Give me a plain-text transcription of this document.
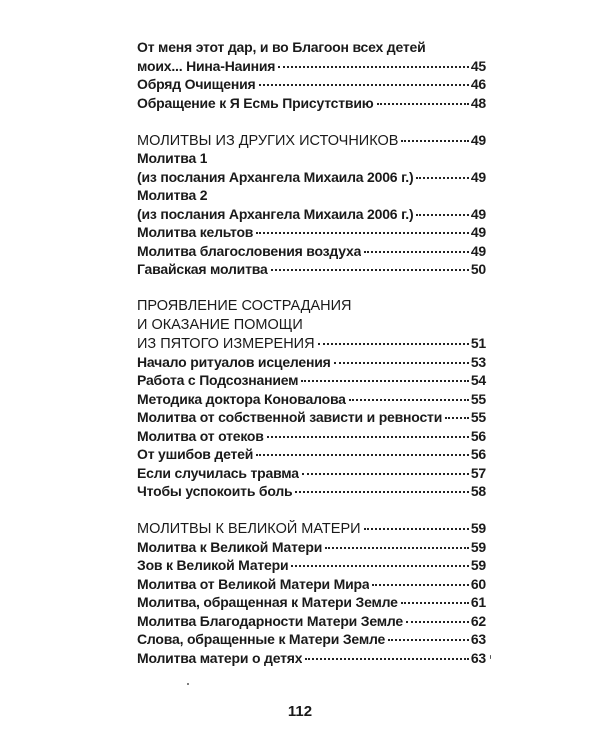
От меня этот дар, и во Благоон всех детей
моих... Нина-Наиния	45
Обряд Очищения	46
Обращение к Я Есмь Присутствию	48
МОЛИТВЫ ИЗ ДРУГИХ ИСТОЧНИКОВ	49
Молитва 1
(из послания Архангела Михаила 2006 г.)	49
Молитва 2
(из послания Архангела Михаила 2006 г.)	49
Молитва кельтов	49
Молитва благословения воздуха	49
Гавайская молитва	50
ПРОЯВЛЕНИЕ СОСТРАДАНИЯ
И ОКАЗАНИЕ ПОМОЩИ
ИЗ ПЯТОГО ИЗМЕРЕНИЯ	51
Начало ритуалов исцеления	53
Работа с Подсознанием	54
Методика доктора Коновалова	55
Молитва от собственной зависти и ревности 55
Молитва от отеков	56
От ушибов детей	56
Если случилась травма	57
Чтобы успокоить боль	58
МОЛИТВЫ К ВЕЛИКОЙ МАТЕРИ	59
Молитва к Великой Матери	59
Зов к Великой Матери	59
Молитва от Великой Матери Мира	60
Молитва, обращенная к Матери Земле	61
Молитва Благодарности Матери Земле	62
Слова, обращенные к Матери Земле	63
Молитва матери о детях	63
112
